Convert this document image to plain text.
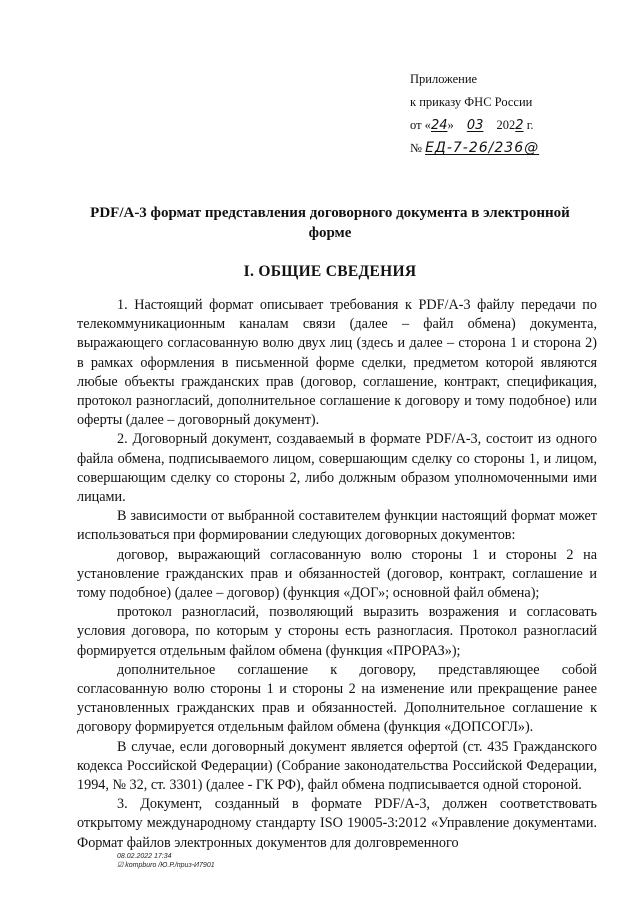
Приложение
к приказу ФНС России
от «24» 03 2022 г.
№ ЕД-7-26/236@
PDF/A-3 формат представления договорного документа в электронной форме
I. ОБЩИЕ СВЕДЕНИЯ

1. Настоящий формат описывает требования к PDF/A-3 файлу передачи по телекоммуникационным каналам связи (далее – файл обмена) документа, выражающего согласованную волю двух лиц (здесь и далее – сторона 1 и сторона 2) в рамках оформления в письменной форме сделки, предметом которой являются любые объекты гражданских прав (договор, соглашение, контракт, спецификация, протокол разногласий, дополнительное соглашение к договору и тому подобное) или оферты (далее – договорный документ).

2. Договорный документ, создаваемый в формате PDF/A-3, состоит из одного файла обмена, подписываемого лицом, совершающим сделку со стороны 1, и лицом, совершающим сделку со стороны 2, либо должным образом уполномоченными ими лицами.

В зависимости от выбранной составителем функции настоящий формат может использоваться при формировании следующих договорных документов:

договор, выражающий согласованную волю стороны 1 и стороны 2 на установление гражданских прав и обязанностей (договор, контракт, соглашение и тому подобное) (далее – договор) (функция «ДОГ»; основной файл обмена);

протокол разногласий, позволяющий выразить возражения и согласовать условия договора, по которым у стороны есть разногласия. Протокол разногласий формируется отдельным файлом обмена (функция «ПРОРАЗ»);

дополнительное соглашение к договору, представляющее собой согласованную волю стороны 1 и стороны 2 на изменение или прекращение ранее установленных гражданских прав и обязанностей. Дополнительное соглашение к договору формируется отдельным файлом обмена (функция «ДОПСОГЛ»).

В случае, если договорный документ является офертой (ст. 435 Гражданского кодекса Российской Федерации) (Собрание законодательства Российской Федерации, 1994, № 32, ст. 3301) (далее - ГК РФ), файл обмена подписывается одной стороной.

3. Документ, созданный в формате PDF/A-3, должен соответствовать открытому международному стандарту ISO 19005-3:2012 «Управление документами. Формат файлов электронных документов для долговременного

08.02.2022 17:34
☑ kompburo /Ю.Р./приз-И7901
